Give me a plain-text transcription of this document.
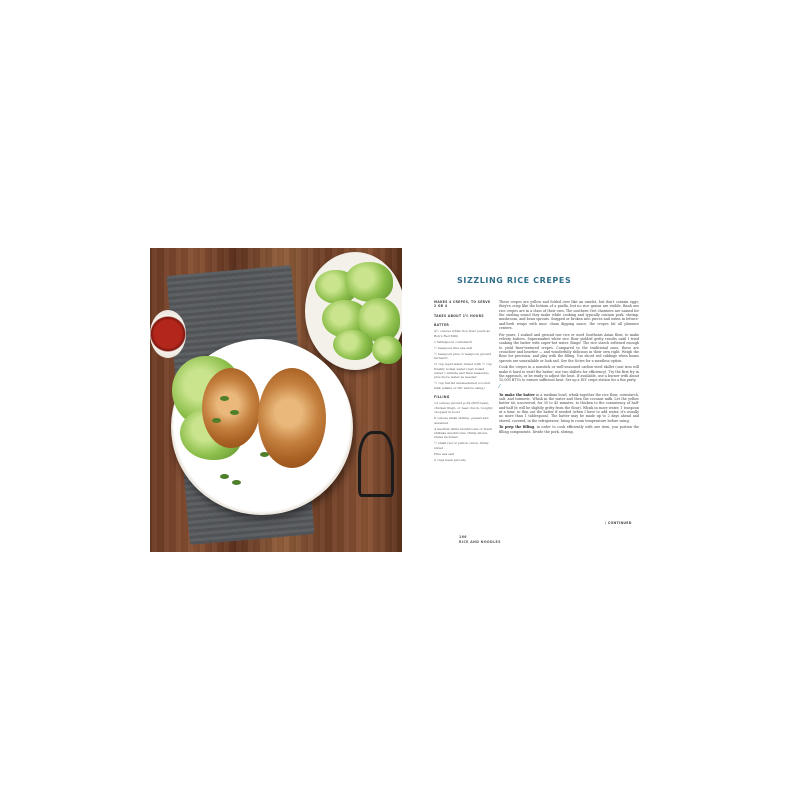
SIZZLING RICE CREPES

MAKES 4 CREPES, TO SERVE 2 OR 4

TAKES ABOUT 1½ HOURS

BATTER

4½ ounces white rice flour (such as Bob's Red Mill)

1 tablespoon cornstarch

½ teaspoon fine sea salt

½ teaspoon plus ⅛ teaspoon ground turmeric

⅜ cup tepid water mixed with ¼ cup freshly boiled water (rest boiled water 1 minute and then measure), plus more water as needed

¼ cup full-fat unsweetened coconut milk (shake or stir before using)

FILLING

12 ounces ground pork (80% lean), chicken thigh, or beef chuck, roughly chopped in bowl

8 ounces small shrimp, peeled and deveined

4 medium white mushrooms or fresh shiitake mushrooms, thinly sliced, stems included

½ small red or yellow onion, thinly sliced

Fine sea salt

2 cups bean sprouts

These crepes are yellow and folded over like an omelet, but don't contain eggs; they're crisp like the bottom of a paella, but no rice grains are visible. Banh xeo rice crepes are in a class of their own. The southern Viet charmers are named for the sizzling sound they make while cooking and typically contain pork, shrimp, mushroom, and bean sprouts. Snipped or broken into pieces and eaten in lettuce-and-herb wraps with nuoc cham dipping sauce, the crepes hit all pleasure centers.

For years, I soaked and ground raw rice or used Southeast Asian flour, to make velvety batters. Supermarket white rice flour yielded gritty results until I tried soaking the batter with super-hot water. Bingo! The rice starch softened enough to yield finer-textured crepes. Compared to the traditional ones, these are crunchier and heartier — and wonderfully delicious in their own right. Weigh the flour for precision, and play with the filling. Use sliced red cabbage when beans sprouts are unavailable or look sad. See the Notes for a meatless option.

Cook the crepes in a nonstick or well-seasoned carbon-steel skillet (cast iron will make it hard to swirl the batter; use two skillets for efficiency). Try the first fry in the approach, or be ready to adjust the heat. If available, use a burner with about 15,000 BTUs to ensure sufficient heat. Set up a DIY crepe station for a fun party.

⁄

To make the batter in a medium bowl, whisk together the rice flour, cornstarch, salt, and turmeric. Whisk in the water and then the coconut milk. Let the yellow batter sit, uncovered, for 30 to 45 minutes, to thicken to the consistency of half-and-half (it will be slightly gritty from the flour). Whisk in more water, 1 teaspoon at a time, to thin out the batter if needed (when I have to add water, it's usually no more than 1 tablespoon). The batter may be made up to 2 days ahead and stored, covered, in the refrigerator; bring to room temperature before using.

To prep the filling, in order to cook efficiently with one item, you portion the filling components. Divide the pork, shrimp,

/ CONTINUED
166
RICE AND NOODLES
